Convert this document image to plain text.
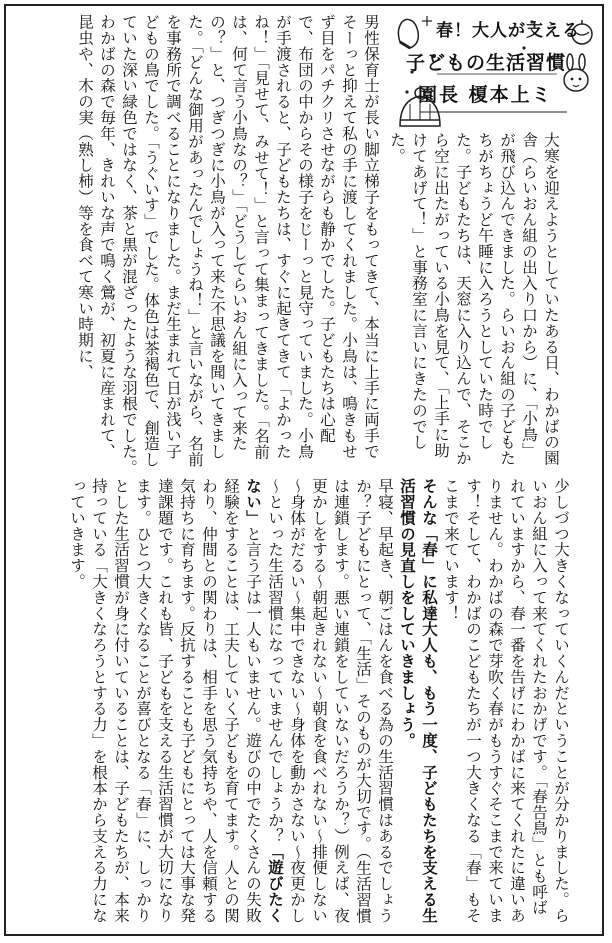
春！大人が支える
子どもの生活習慣
園長 榎本上ミ

大寒を迎えようとしていたある日、わかばの園舎（らいおん組の出入り口から）に、「小鳥」が飛び込んできました。らいおん組の子どもたちがちょうど午睡に入ろうとしていた時でした。子どもたちは、天窓に入り込んで、そこから空に出たがっている小鳥を見て、「上手に助けてあげて！」と事務室に言いにきたのでした。

男性保育士が長い脚立梯子をもってきて、本当に上手に両手でそーっと抑えて私の手に渡してくれました。小鳥は、鳴きもせず目をパチクリさせながらも静かでした。子どもたちは心配で、布団の中からその様子をじーっと見守っていました。小鳥が手渡されると、子どもたちは、すぐに起きてきて「よかったね！」「見せて、みせて！」と言って集まってきました。「名前は、何て言う小鳥なの？」「どうしてらいおん組に入って来たの？」と、つぎつぎに小鳥が入って来た不思議を聞いてきました。「どんな御用があったんでしょうね！」と言いながら、名前を事務所で調べることになりました。まだ生まれて日が浅い子どもの鳥でした。「うぐいす」でした。体色は茶褐色で、創造していた深い緑色ではなく、茶と黒が混ざったような羽根でした。　わかばの森で毎年、きれいな声で鳴く鶯が、初夏に産まれて、昆虫や、木の実（熟し柿）等を食べて寒い時期に、

少しづつ大きくなっていくんだということが分かりました。らいおん組に入って来てくれたおかげです。「春告鳥」とも呼ばれていますから、春一番を告げにわかばに来てくれたに違いありません。わかばの森で芽吹く春がもうすぐそこまで来ています！そして、わかばのこどもたちが一つ大きくなる「春」もそこまで来ています！

そんな「春」に私達大人も、もう一度、子どもたちを支える生活習慣の見直しをしていきましょう。

早寝、早起き、朝ごはんを食べる為の生活習慣はあるでしょうか？子どもにとって、「生活」そのものが大切です。（生活習慣は連鎖します。悪い連鎖をしていないだろうか？）例えば、夜更かしをする～朝起きれない～朝食を食べれない～排便しない～身体がだるい～集中できない～身体を動かさない～夜更かし～といった生活習慣になっていませんでしょうか？「遊びたくない」と言う子は一人もいません。遊びの中でたくさんの失敗経験をすることは、工夫していく子どもを育てます。人との関わり、仲間との関わりは、相手を思う気持ちや、人を信頼する気持ちに育ちます。反抗することも子どもにとっては大事な発達課題です。これも皆、子どもを支える生活習慣が大切になります。ひとつ大きくなることが喜びとなる「春」に、しっかりとした生活習慣が身に付いていることは、子どもたちが、本来持っている「大きくなろうとする力」を根本から支える力になっていきます。
